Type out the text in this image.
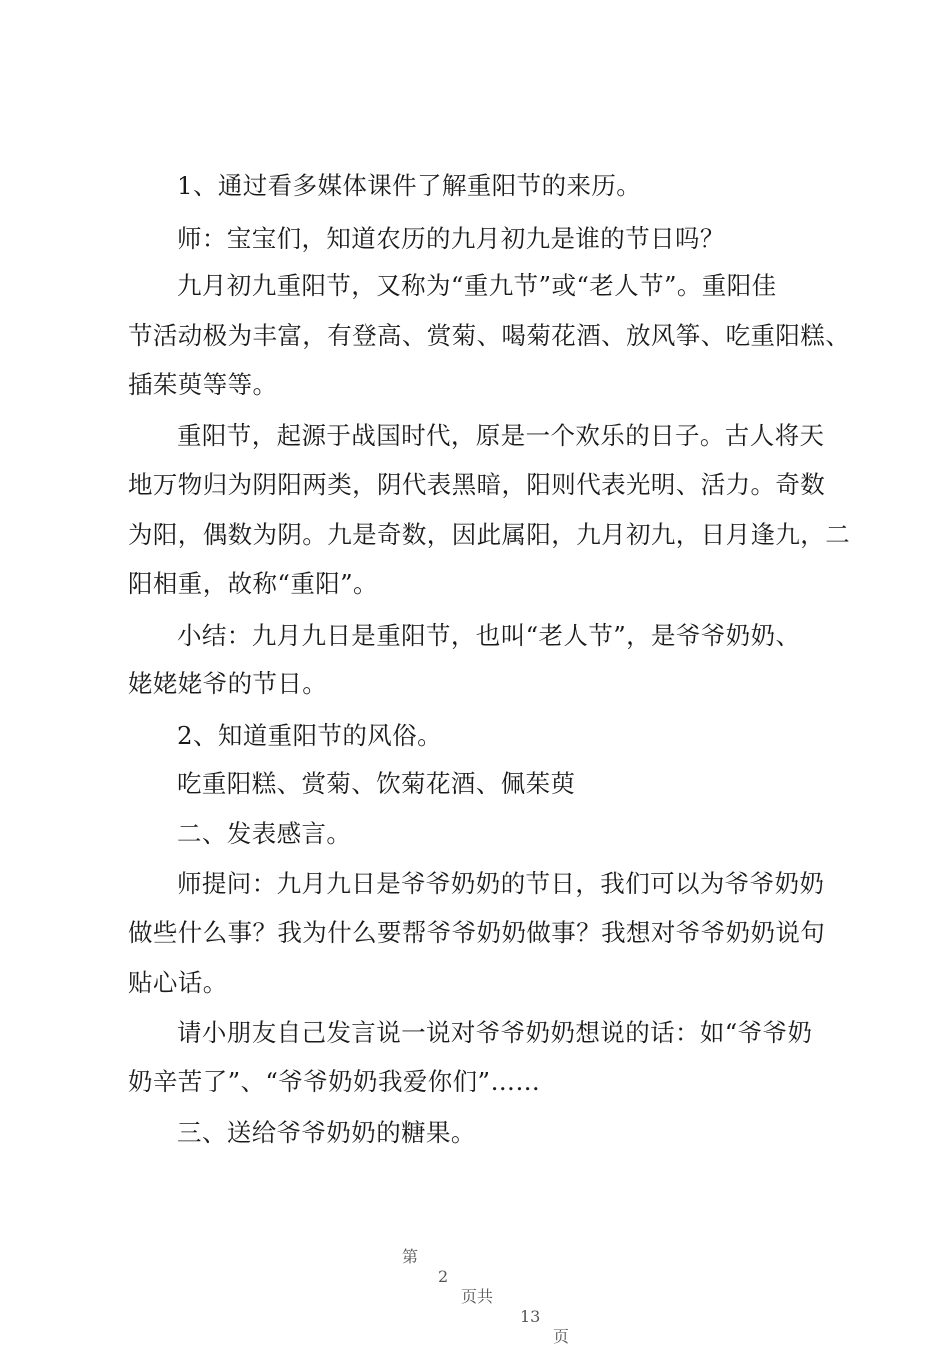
1、通过看多媒体课件了解重阳节的来历。
师：宝宝们，知道农历的九月初九是谁的节日吗？
九月初九重阳节，又称为“重九节”或“老人节”。重阳佳
节活动极为丰富，有登高、赏菊、喝菊花酒、放风筝、吃重阳糕、
插茱萸等等。
重阳节，起源于战国时代，原是一个欢乐的日子。古人将天
地万物归为阴阳两类，阴代表黑暗，阳则代表光明、活力。奇数
为阳，偶数为阴。九是奇数，因此属阳，九月初九，日月逢九，二
阳相重，故称“重阳”。
小结：九月九日是重阳节，也叫“老人节”，是爷爷奶奶、
姥姥姥爷的节日。
2、知道重阳节的风俗。
吃重阳糕、赏菊、饮菊花酒、佩茱萸
二、发表感言。
师提问：九月九日是爷爷奶奶的节日，我们可以为爷爷奶奶
做些什么事？我为什么要帮爷爷奶奶做事？我想对爷爷奶奶说句
贴心话。
请小朋友自己发言说一说对爷爷奶奶想说的话：如“爷爷奶
奶辛苦了”、“爷爷奶奶我爱你们”……
三、送给爷爷奶奶的糖果。

第

2

页共

13

页
